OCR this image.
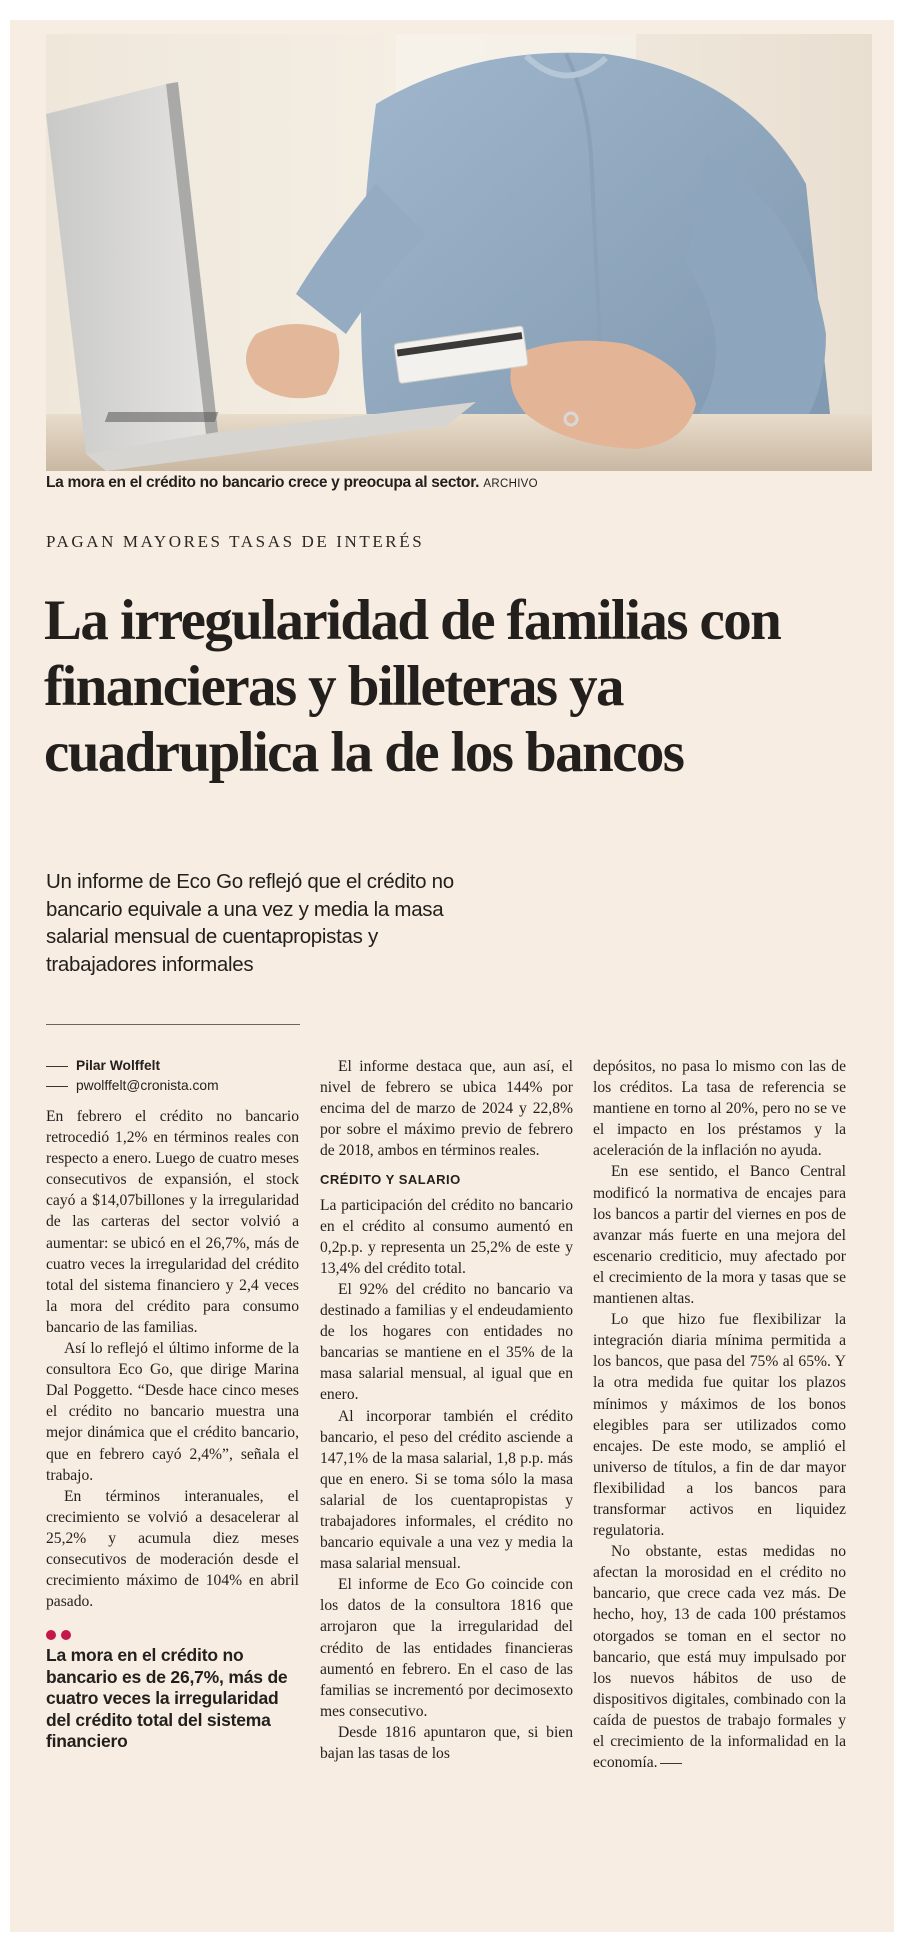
La mora en el crédito no bancario crece y preocupa al sector. ARCHIVO
PAGAN MAYORES TASAS DE INTERÉS
La irregularidad de familias con financieras y billeteras ya cuadruplica la de los bancos

Un informe de Eco Go reflejó que el crédito no bancario equivale a una vez y media la masa salarial mensual de cuentapropistas y trabajadores informales

Pilar Wolffelt
pwolffelt@cronista.com

En febrero el crédito no bancario retrocedió 1,2% en términos reales con respecto a enero. Luego de cuatro meses consecutivos de expansión, el stock cayó a $14,07billones y la irregularidad de las carteras del sector volvió a aumentar: se ubicó en el 26,7%, más de cuatro veces la irregularidad del crédito total del sistema financiero y 2,4 veces la mora del crédito para consumo bancario de las familias.

Así lo reflejó el último informe de la consultora Eco Go, que dirige Marina Dal Poggetto. “Desde hace cinco meses el crédito no bancario muestra una mejor dinámica que el crédito bancario, que en febrero cayó 2,4%”, señala el trabajo.

En términos interanuales, el crecimiento se volvió a desacelerar al 25,2% y acumula diez meses consecutivos de moderación desde el crecimiento máximo de 104% en abril pasado.

La mora en el crédito no bancario es de 26,7%, más de cuatro veces la irregularidad del crédito total del sistema financiero

El informe destaca que, aun así, el nivel de febrero se ubica 144% por encima del de marzo de 2024 y 22,8% por sobre el máximo previo de febrero de 2018, ambos en términos reales.

CRÉDITO Y SALARIO

La participación del crédito no bancario en el crédito al consumo aumentó en 0,2p.p. y representa un 25,2% de este y 13,4% del crédito total.

El 92% del crédito no bancario va destinado a familias y el endeudamiento de los hogares con entidades no bancarias se mantiene en el 35% de la masa salarial mensual, al igual que en enero.

Al incorporar también el crédito bancario, el peso del crédito asciende a 147,1% de la masa salarial, 1,8 p.p. más que en enero. Si se toma sólo la masa salarial de los cuentapropistas y trabajadores informales, el crédito no bancario equivale a una vez y media la masa salarial mensual.

El informe de Eco Go coincide con los datos de la consultora 1816 que arrojaron que la irregularidad del crédito de las entidades financieras aumentó en febrero. En el caso de las familias se incrementó por decimosexto mes consecutivo.

Desde 1816 apuntaron que, si bien bajan las tasas de los

depósitos, no pasa lo mismo con las de los créditos. La tasa de referencia se mantiene en torno al 20%, pero no se ve el impacto en los préstamos y la aceleración de la inflación no ayuda.

En ese sentido, el Banco Central modificó la normativa de encajes para los bancos a partir del viernes en pos de avanzar más fuerte en una mejora del escenario crediticio, muy afectado por el crecimiento de la mora y tasas que se mantienen altas.

Lo que hizo fue flexibilizar la integración diaria mínima permitida a los bancos, que pasa del 75% al 65%. Y la otra medida fue quitar los plazos mínimos y máximos de los bonos elegibles para ser utilizados como encajes. De este modo, se amplió el universo de títulos, a fin de dar mayor flexibilidad a los bancos para transformar activos en liquidez regulatoria.

No obstante, estas medidas no afectan la morosidad en el crédito no bancario, que crece cada vez más. De hecho, hoy, 13 de cada 100 préstamos otorgados se toman en el sector no bancario, que está muy impulsado por los nuevos hábitos de uso de dispositivos digitales, combinado con la caída de puestos de trabajo formales y el crecimiento de la informalidad en la economía.
